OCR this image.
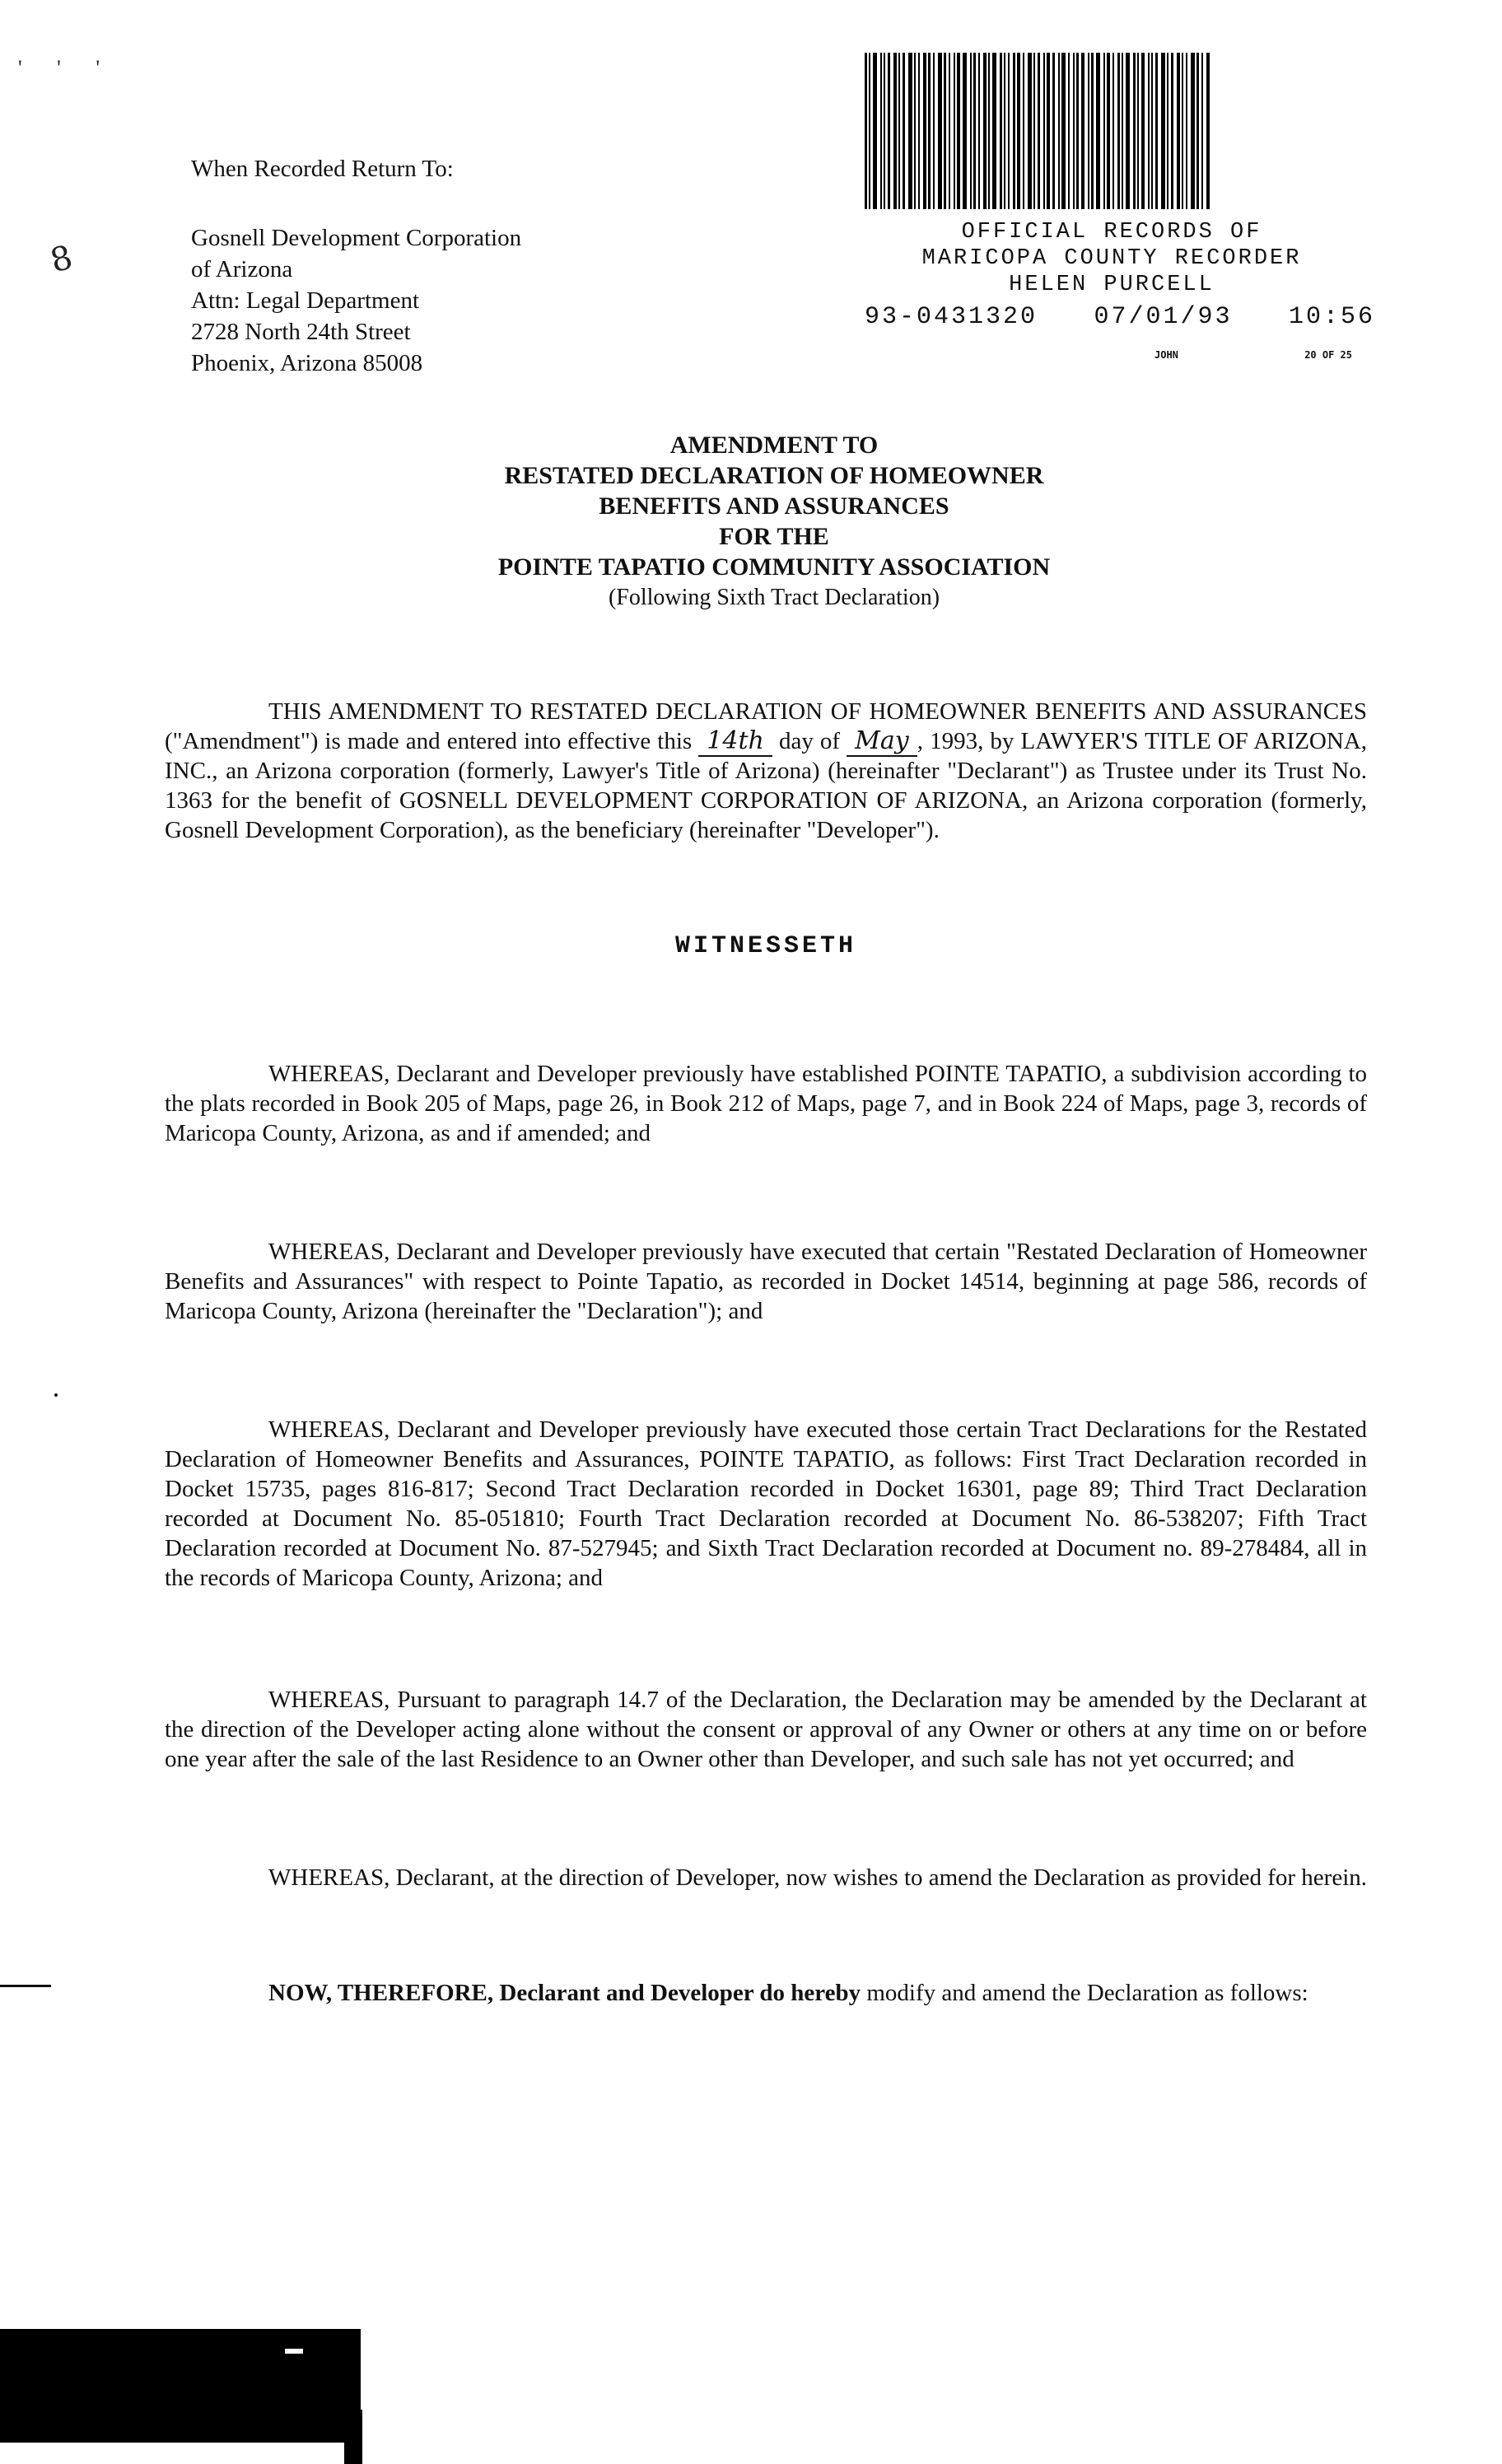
' ' '
When Recorded Return To:
Gosnell Development Corporation
of Arizona
Attn: Legal Department
2728 North 24th Street
Phoenix, Arizona 85008
8
OFFICIAL RECORDS OF
MARICOPA COUNTY RECORDER
HELEN PURCELL
93-0431320 07/01/93 10:56
JOHN	20 OF 25
AMENDMENT TO
RESTATED DECLARATION OF HOMEOWNER
BENEFITS AND ASSURANCES
FOR THE
POINTE TAPATIO COMMUNITY ASSOCIATION
(Following Sixth Tract Declaration)
THIS AMENDMENT TO RESTATED DECLARATION OF HOMEOWNER BENEFITS AND ASSURANCES ("Amendment") is made and entered into effective this 14th day of May , 1993, by LAWYER'S TITLE OF ARIZONA, INC., an Arizona corporation (formerly, Lawyer's Title of Arizona) (hereinafter "Declarant") as Trustee under its Trust No. 1363 for the benefit of GOSNELL DEVELOPMENT CORPORATION OF ARIZONA, an Arizona corporation (formerly, Gosnell Development Corporation), as the beneficiary (hereinafter "Developer").
WITNESSETH
WHEREAS, Declarant and Developer previously have established POINTE TAPATIO, a subdivision according to the plats recorded in Book 205 of Maps, page 26, in Book 212 of Maps, page 7, and in Book 224 of Maps, page 3, records of Maricopa County, Arizona, as and if amended; and
WHEREAS, Declarant and Developer previously have executed that certain "Restated Declaration of Homeowner Benefits and Assurances" with respect to Pointe Tapatio, as recorded in Docket 14514, beginning at page 586, records of Maricopa County, Arizona (hereinafter the "Declaration"); and
WHEREAS, Declarant and Developer previously have executed those certain Tract Declarations for the Restated Declaration of Homeowner Benefits and Assurances, POINTE TAPATIO, as follows: First Tract Declaration recorded in Docket 15735, pages 816-817; Second Tract Declaration recorded in Docket 16301, page 89; Third Tract Declaration recorded at Document No. 85-051810; Fourth Tract Declaration recorded at Document No. 86-538207; Fifth Tract Declaration recorded at Document No. 87-527945; and Sixth Tract Declaration recorded at Document no. 89-278484, all in the records of Maricopa County, Arizona; and
WHEREAS, Pursuant to paragraph 14.7 of the Declaration, the Declaration may be amended by the Declarant at the direction of the Developer acting alone without the consent or approval of any Owner or others at any time on or before one year after the sale of the last Residence to an Owner other than Developer, and such sale has not yet occurred; and
WHEREAS, Declarant, at the direction of Developer, now wishes to amend the Declaration as provided for herein.
NOW, THEREFORE, Declarant and Developer do hereby modify and amend the Declaration as follows:
